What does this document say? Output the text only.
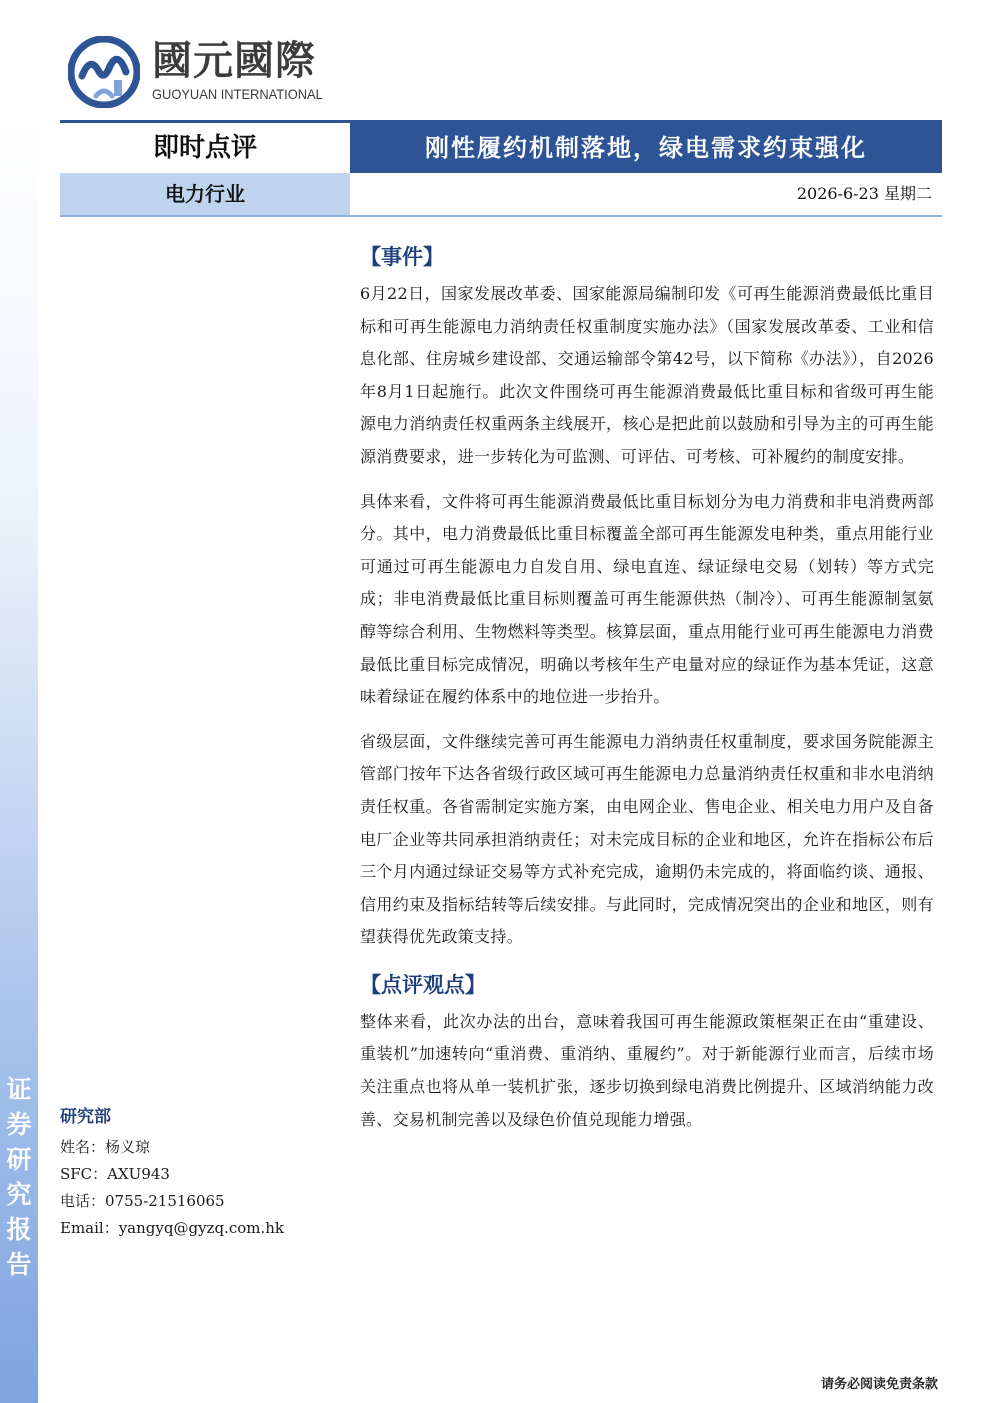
证
券
研
究
报
告
國元國際
GUOYUAN INTERNATIONAL
即时点评	刚性履约机制落地，绿电需求约束强化
电力行业	2026-6-23 星期二
【事件】

6月22日，国家发展改革委、国家能源局编制印发《可再生能源消费最低比重目标和可再生能源电力消纳责任权重制度实施办法》（国家发展改革委、工业和信息化部、住房城乡建设部、交通运输部令第42号，以下简称《办法》），自2026年8月1日起施行。此次文件围绕可再生能源消费最低比重目标和省级可再生能源电力消纳责任权重两条主线展开，核心是把此前以鼓励和引导为主的可再生能源消费要求，进一步转化为可监测、可评估、可考核、可补履约的制度安排。

具体来看，文件将可再生能源消费最低比重目标划分为电力消费和非电消费两部分。其中，电力消费最低比重目标覆盖全部可再生能源发电种类，重点用能行业可通过可再生能源电力自发自用、绿电直连、绿证绿电交易（划转）等方式完成；非电消费最低比重目标则覆盖可再生能源供热（制冷）、可再生能源制氢氨醇等综合利用、生物燃料等类型。核算层面，重点用能行业可再生能源电力消费最低比重目标完成情况，明确以考核年生产电量对应的绿证作为基本凭证，这意味着绿证在履约体系中的地位进一步抬升。

省级层面，文件继续完善可再生能源电力消纳责任权重制度，要求国务院能源主管部门按年下达各省级行政区域可再生能源电力总量消纳责任权重和非水电消纳责任权重。各省需制定实施方案，由电网企业、售电企业、相关电力用户及自备电厂企业等共同承担消纳责任；对未完成目标的企业和地区，允许在指标公布后三个月内通过绿证交易等方式补充完成，逾期仍未完成的，将面临约谈、通报、信用约束及指标结转等后续安排。与此同时，完成情况突出的企业和地区，则有望获得优先政策支持。

【点评观点】

整体来看，此次办法的出台，意味着我国可再生能源政策框架正在由“重建设、重装机”加速转向“重消费、重消纳、重履约”。对于新能源行业而言，后续市场关注重点也将从单一装机扩张，逐步切换到绿电消费比例提升、区域消纳能力改善、交易机制完善以及绿色价值兑现能力增强。

研究部
姓名：杨义琼
SFC：AXU943
电话：0755-21516065
Email：yangyq@gyzq.com.hk
请务必阅读免责条款
